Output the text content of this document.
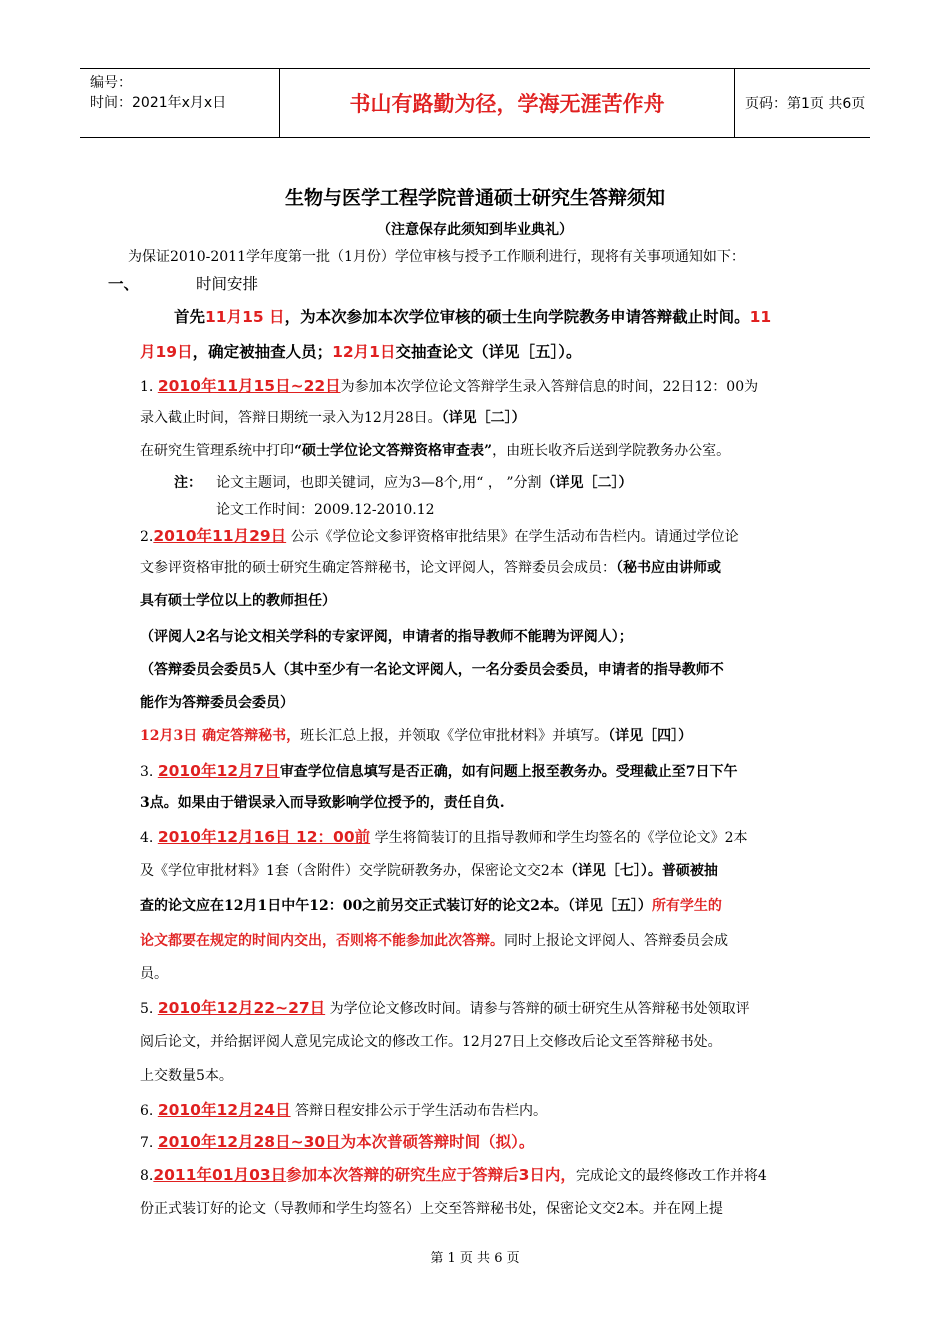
编号：
时间：2021年x月x日	书山有路勤为径，学海无涯苦作舟	页码：第1页 共6页
生物与医学工程学院普通硕士研究生答辩须知
（注意保存此须知到毕业典礼）
为保证2010-2011学年度第一批（1月份）学位审核与授予工作顺利进行，现将有关事项通知如下：
一、	时间安排
首先11月15 日，为本次参加本次学位审核的硕士生向学院教务申请答辩截止时间。11
月19日，确定被抽查人员；12月1日交抽查论文（详见［五］）。
1. 2010年11月15日~22日为参加本次学位论文答辩学生录入答辩信息的时间，22日12：00为
录入截止时间，答辩日期统一录入为12月28日。（详见［二］）
在研究生管理系统中打印“硕士学位论文答辩资格审查表”，由班长收齐后送到学院教务办公室。
注： 论文主题词，也即关键词，应为3—8个,用“ ， ”分割（详见［二］）
论文工作时间：2009.12-2010.12
2.2010年11月29日 公示《学位论文参评资格审批结果》在学生活动布告栏内。请通过学位论
文参评资格审批的硕士研究生确定答辩秘书，论文评阅人，答辩委员会成员：（秘书应由讲师或
具有硕士学位以上的教师担任）
（评阅人2名与论文相关学科的专家评阅，申请者的指导教师不能聘为评阅人）；
（答辩委员会委员5人（其中至少有一名论文评阅人，一名分委员会委员，申请者的指导教师不
能作为答辩委员会委员）
12月3日 确定答辩秘书，班长汇总上报，并领取《学位审批材料》并填写。（详见［四］）
3. 2010年12月7日审查学位信息填写是否正确，如有问题上报至教务办。受理截止至7日下午
3点。如果由于错误录入而导致影响学位授予的，责任自负.
4. 2010年12月16日 12：00前 学生将简装订的且指导教师和学生均签名的《学位论文》2本
及《学位审批材料》1套（含附件）交学院研教务办，保密论文交2本（详见［七］）。普硕被抽
查的论文应在12月1日中午12：00之前另交正式装订好的论文2本。（详见［五］）所有学生的
论文都要在规定的时间内交出，否则将不能参加此次答辩。同时上报论文评阅人、答辩委员会成
员。
5. 2010年12月22~27日 为学位论文修改时间。请参与答辩的硕士研究生从答辩秘书处领取评
阅后论文，并给据评阅人意见完成论文的修改工作。12月27日上交修改后论文至答辩秘书处。
上交数量5本。
6. 2010年12月24日 答辩日程安排公示于学生活动布告栏内。
7. 2010年12月28日~30日为本次普硕答辩时间（拟）。
8.2011年01月03日参加本次答辩的研究生应于答辩后3日内，完成论文的最终修改工作并将4
份正式装订好的论文（导教师和学生均签名）上交至答辩秘书处，保密论文交2本。并在网上提
第 1 页 共 6 页
